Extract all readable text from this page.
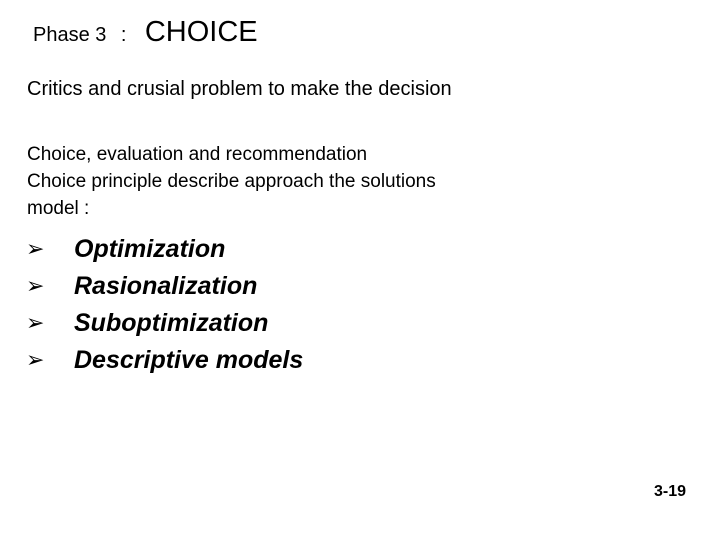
Phase 3 : CHOICE
Critics and crusial problem to make the decision

Choice, evaluation and recommendation
Choice principle describe approach the solutions
model :

➢	Optimization
➢	Rasionalization
➢	Suboptimization
➢	Descriptive models
3-19
